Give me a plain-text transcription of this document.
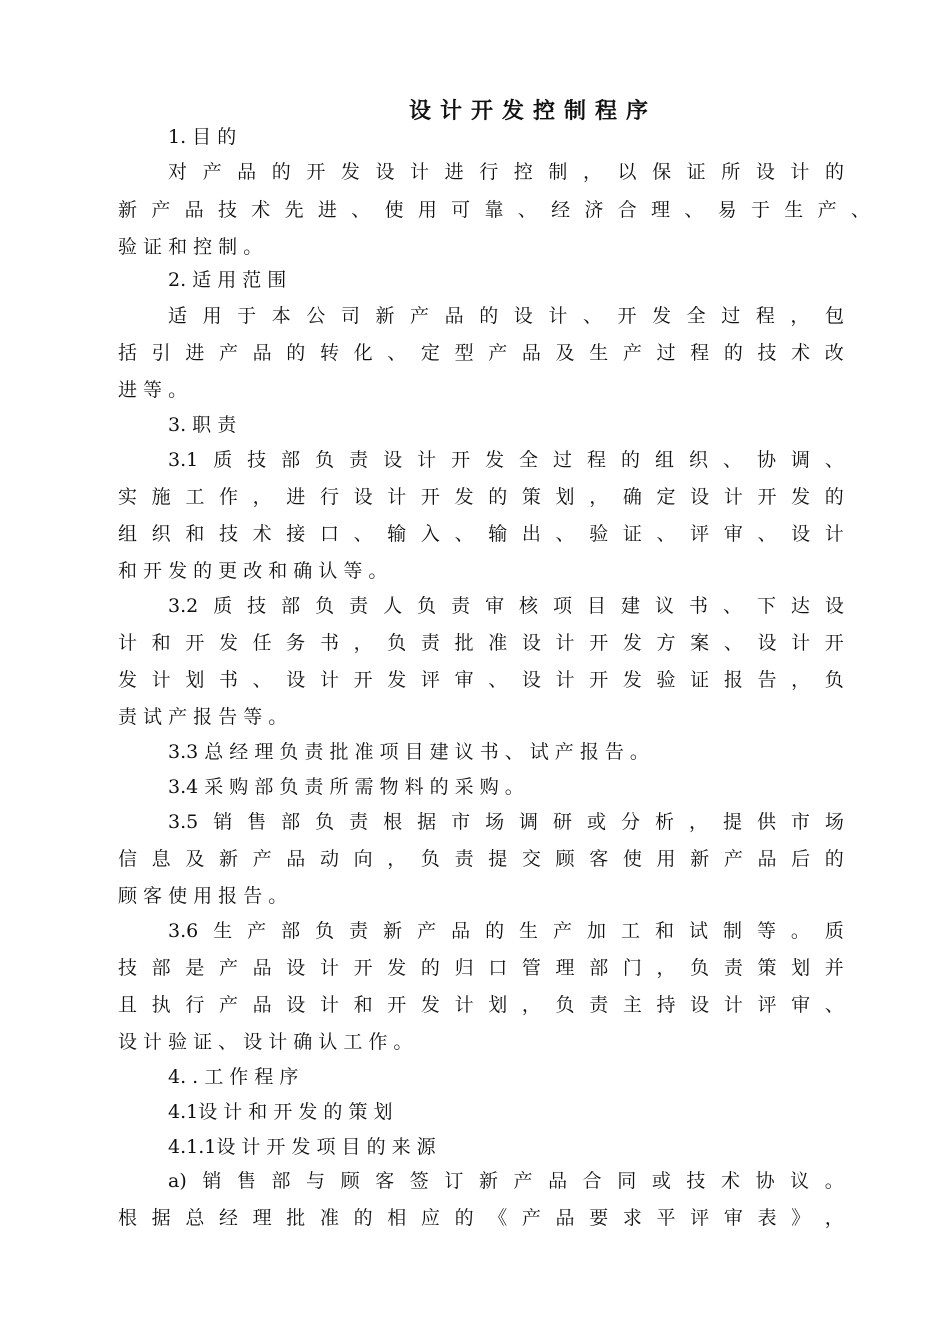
设计开发控制程序
1. 目 的
对 产 品 的 开 发 设 计 进 行 控 制 ， 以 保 证 所 设 计 的
新 产 品 技 术 先 进 、 使 用 可 靠 、 经 济 合 理 、 易 于 生 产 、
验 证 和 控 制 。
2. 适 用 范 围
适 用 于 本 公 司 新 产 品 的 设 计 、 开 发 全 过 程 ， 包
括 引 进 产 品 的 转 化 、 定 型 产 品 及 生 产 过 程 的 技 术 改
进 等 。
3. 职 责
3.1 质 技 部 负 责 设 计 开 发 全 过 程 的 组 织 、 协 调 、
实 施 工 作 ， 进 行 设 计 开 发 的 策 划 ， 确 定 设 计 开 发 的
组 织 和 技 术 接 口 、 输 入 、 输 出 、 验 证 、 评 审 、 设 计
和 开 发 的 更 改 和 确 认 等 。
3.2 质 技 部 负 责 人 负 责 审 核 项 目 建 议 书 、 下 达 设
计 和 开 发 任 务 书 ， 负 责 批 准 设 计 开 发 方 案 、 设 计 开
发 计 划 书 、 设 计 开 发 评 审 、 设 计 开 发 验 证 报 告 ， 负
责 试 产 报 告 等 。
3.3 总 经 理 负 责 批 准 项 目 建 议 书 、 试 产 报 告 。
3.4 采 购 部 负 责 所 需 物 料 的 采 购 。
3.5 销 售 部 负 责 根 据 市 场 调 研 或 分 析 ， 提 供 市 场
信 息 及 新 产 品 动 向 ， 负 责 提 交 顾 客 使 用 新 产 品 后 的
顾 客 使 用 报 告 。
3.6 生 产 部 负 责 新 产 品 的 生 产 加 工 和 试 制 等 。 质
技 部 是 产 品 设 计 开 发 的 归 口 管 理 部 门 ， 负 责 策 划 并
且 执 行 产 品 设 计 和 开 发 计 划 ， 负 责 主 持 设 计 评 审 、
设 计 验 证 、 设 计 确 认 工 作 。
4. . 工 作 程 序
4.1设 计 和 开 发 的 策 划
4.1.1设 计 开 发 项 目 的 来 源
a) 销 售 部 与 顾 客 签 订 新 产 品 合 同 或 技 术 协 议 。
根 据 总 经 理 批 准 的 相 应 的 《 产 品 要 求 平 评 审 表 》 ，
